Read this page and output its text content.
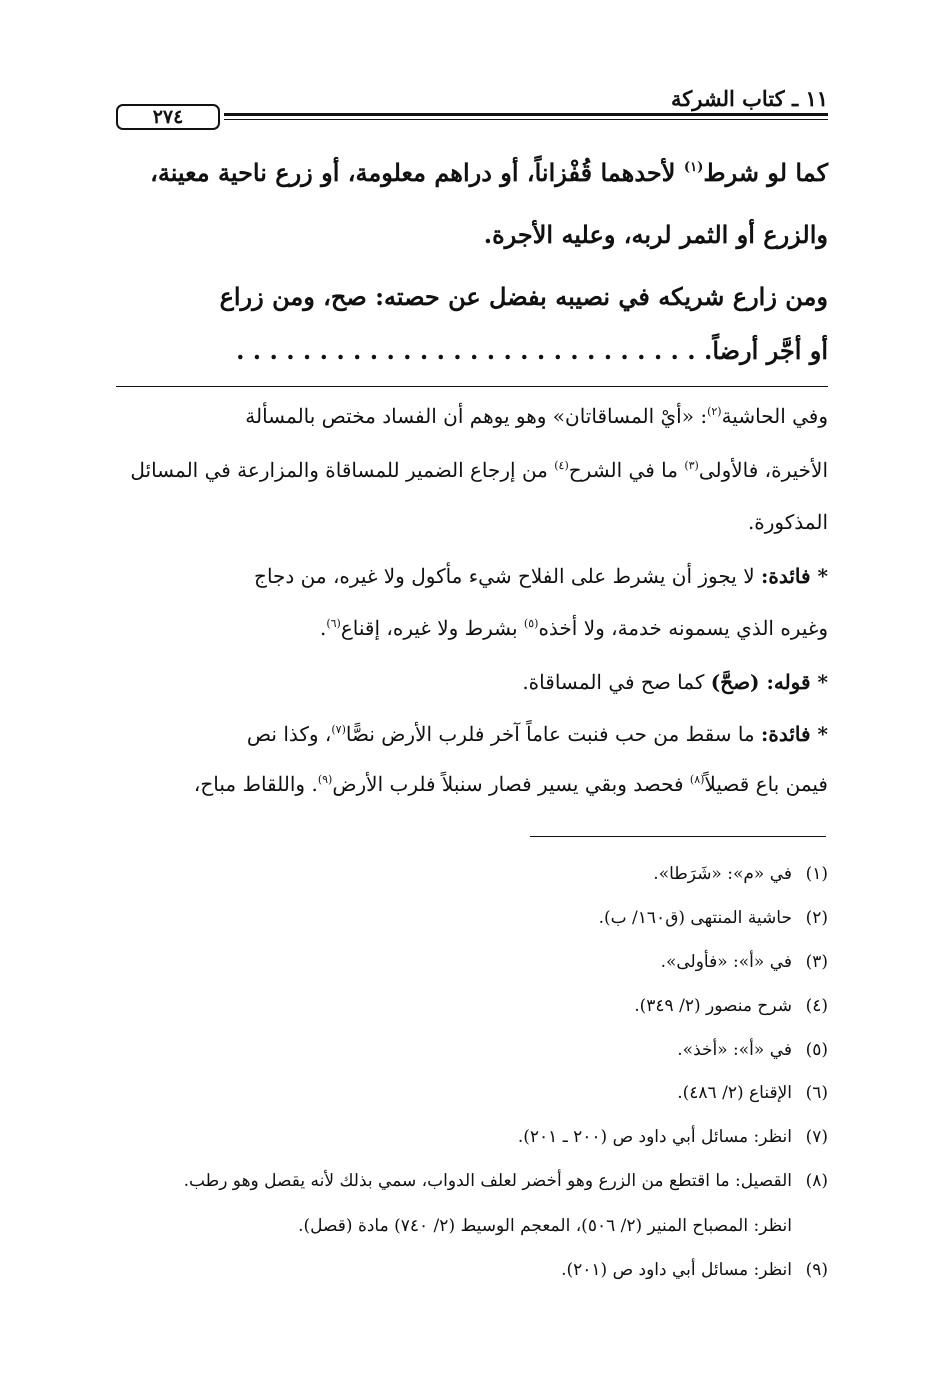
١١ ـ كتاب الشركة
٢٧٤
كما لو شرط$^{(١)}$ لأحدهما قُفْزاناً، أو دراهم معلومة، أو زرع ناحية معينة،
والزرع أو الثمر لربه، وعليه الأجرة.
ومن زارع شريكه في نصيبه بفضل عن حصته: صح، ومن زراع
أو أجَّر أرضاً. . . . . . . . . . . . . . . . . . . . . . . . . . . . .
وفي الحاشية$^{(٢)}$: «أيْ المساقاتان» وهو يوهم أن الفساد مختص بالمسألة
الأخيرة، فالأولى$^{(٣)}$ ما في الشرح$^{(٤)}$ من إرجاع الضمير للمساقاة والمزارعة في المسائل
المذكورة.
* فائدة: لا يجوز أن يشرط على الفلاح شيء مأكول ولا غيره، من دجاج
وغيره الذي يسمونه خدمة، ولا أخذه$^{(٥)}$ بشرط ولا غيره، إقناع$^{(٦)}$.
* قوله: (صحَّ) كما صح في المساقاة.
* فائدة: ما سقط من حب فنبت عاماً آخر فلرب الأرض نصًّا$^{(٧)}$، وكذا نص
فيمن باع قصيلاً$^{(٨)}$ فحصد وبقي يسير فصار سنبلاً فلرب الأرض$^{(٩)}$. واللقاط مباح،
(١)في «م»: «شَرَطا».
(٢)حاشية المنتهى (ق١٦٠/ ب).
(٣)في «أ»: «فأولى».
(٤)شرح منصور (٢/ ٣٤٩).
(٥)في «أ»: «أخذ».
(٦)الإقناع (٢/ ٤٨٦).
(٧)انظر: مسائل أبي داود ص (٢٠٠ ـ ٢٠١).
(٨)القصيل: ما اقتطع من الزرع وهو أخضر لعلف الدواب، سمي بذلك لأنه يقصل وهو رطب.
انظر: المصباح المنير (٢/ ٥٠٦)، المعجم الوسيط (٢/ ٧٤٠) مادة (قصل).
(٩)انظر: مسائل أبي داود ص (٢٠١).
